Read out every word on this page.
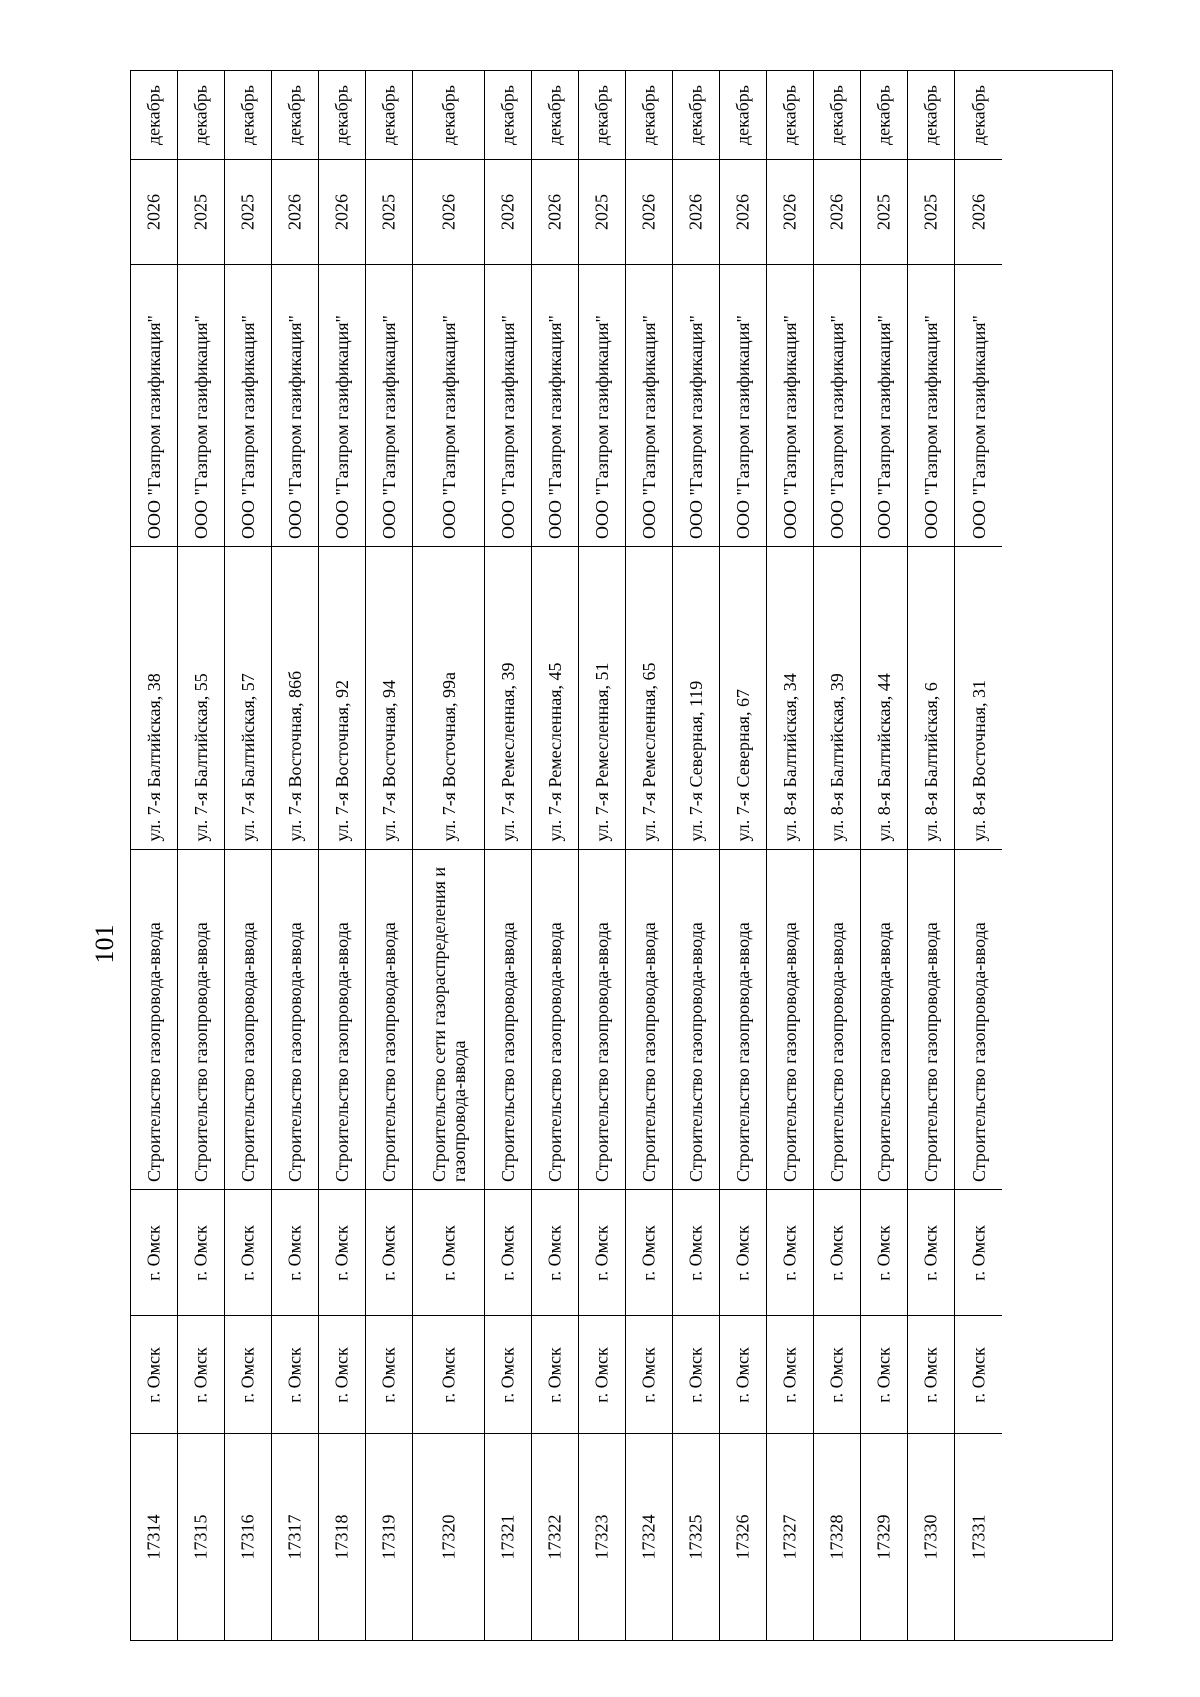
101
декабрь
2026
ООО "Газпром газификация"
ул. 7-я Балтийская, 38
Строительство газопровода-ввода
г. Омск
г. Омск
17314
декабрь
2025
ООО "Газпром газификация"
ул. 7-я Балтийская, 55
Строительство газопровода-ввода
г. Омск
г. Омск
17315
декабрь
2025
ООО "Газпром газификация"
ул. 7-я Балтийская, 57
Строительство газопровода-ввода
г. Омск
г. Омск
17316
декабрь
2026
ООО "Газпром газификация"
ул. 7-я Восточная, 86б
Строительство газопровода-ввода
г. Омск
г. Омск
17317
декабрь
2026
ООО "Газпром газификация"
ул. 7-я Восточная, 92
Строительство газопровода-ввода
г. Омск
г. Омск
17318
декабрь
2025
ООО "Газпром газификация"
ул. 7-я Восточная, 94
Строительство газопровода-ввода
г. Омск
г. Омск
17319
декабрь
2026
ООО "Газпром газификация"
ул. 7-я Восточная, 99а
Строительство сети газораспределения и газопровода-ввода
г. Омск
г. Омск
17320
декабрь
2026
ООО "Газпром газификация"
ул. 7-я Ремесленная, 39
Строительство газопровода-ввода
г. Омск
г. Омск
17321
декабрь
2026
ООО "Газпром газификация"
ул. 7-я Ремесленная, 45
Строительство газопровода-ввода
г. Омск
г. Омск
17322
декабрь
2025
ООО "Газпром газификация"
ул. 7-я Ремесленная, 51
Строительство газопровода-ввода
г. Омск
г. Омск
17323
декабрь
2026
ООО "Газпром газификация"
ул. 7-я Ремесленная, 65
Строительство газопровода-ввода
г. Омск
г. Омск
17324
декабрь
2026
ООО "Газпром газификация"
ул. 7-я Северная, 119
Строительство газопровода-ввода
г. Омск
г. Омск
17325
декабрь
2026
ООО "Газпром газификация"
ул. 7-я Северная, 67
Строительство газопровода-ввода
г. Омск
г. Омск
17326
декабрь
2026
ООО "Газпром газификация"
ул. 8-я Балтийская, 34
Строительство газопровода-ввода
г. Омск
г. Омск
17327
декабрь
2026
ООО "Газпром газификация"
ул. 8-я Балтийская, 39
Строительство газопровода-ввода
г. Омск
г. Омск
17328
декабрь
2025
ООО "Газпром газификация"
ул. 8-я Балтийская, 44
Строительство газопровода-ввода
г. Омск
г. Омск
17329
декабрь
2025
ООО "Газпром газификация"
ул. 8-я Балтийская, 6
Строительство газопровода-ввода
г. Омск
г. Омск
17330
декабрь
2026
ООО "Газпром газификация"
ул. 8-я Восточная, 31
Строительство газопровода-ввода
г. Омск
г. Омск
17331
